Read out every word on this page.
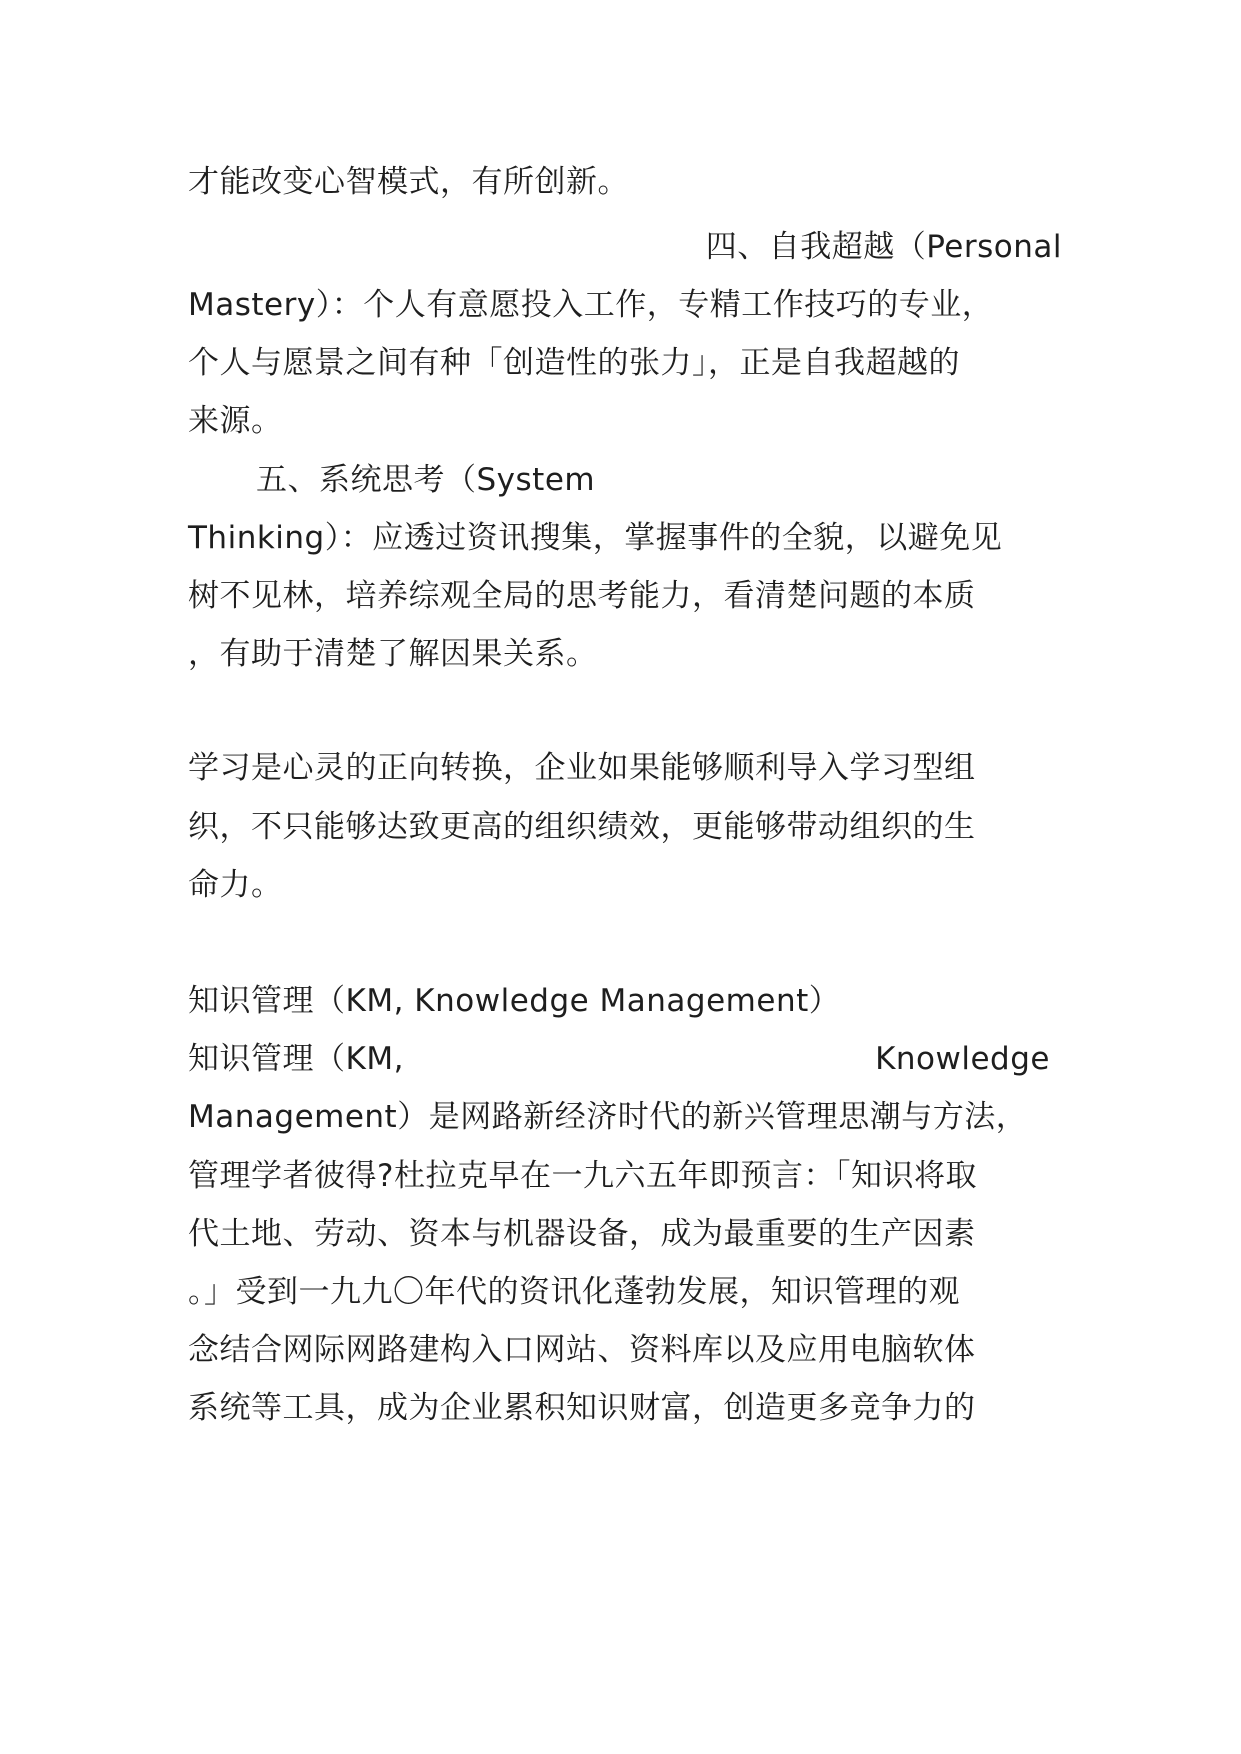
才能改变心智模式，有所创新。
四、自我超越（Personal
Mastery）：个人有意愿投入工作，专精工作技巧的专业，
个人与愿景之间有种「创造性的张力」，正是自我超越的
来源。
五、系统思考（System
Thinking）：应透过资讯搜集，掌握事件的全貌，以避免见
树不见林，培养综观全局的思考能力，看清楚问题的本质
，有助于清楚了解因果关系。
学习是心灵的正向转换，企业如果能够顺利导入学习型组
织，不只能够达致更高的组织绩效，更能够带动组织的生
命力。
知识管理（KM, Knowledge Management）
知识管理（KM,	Knowledge
Management）是网路新经济时代的新兴管理思潮与方法，
管理学者彼得?杜拉克早在一九六五年即预言：「知识将取
代土地、劳动、资本与机器设备，成为最重要的生产因素
。」受到一九九〇年代的资讯化蓬勃发展，知识管理的观
念结合网际网路建构入口网站、资料库以及应用电脑软体
系统等工具，成为企业累积知识财富，创造更多竞争力的
